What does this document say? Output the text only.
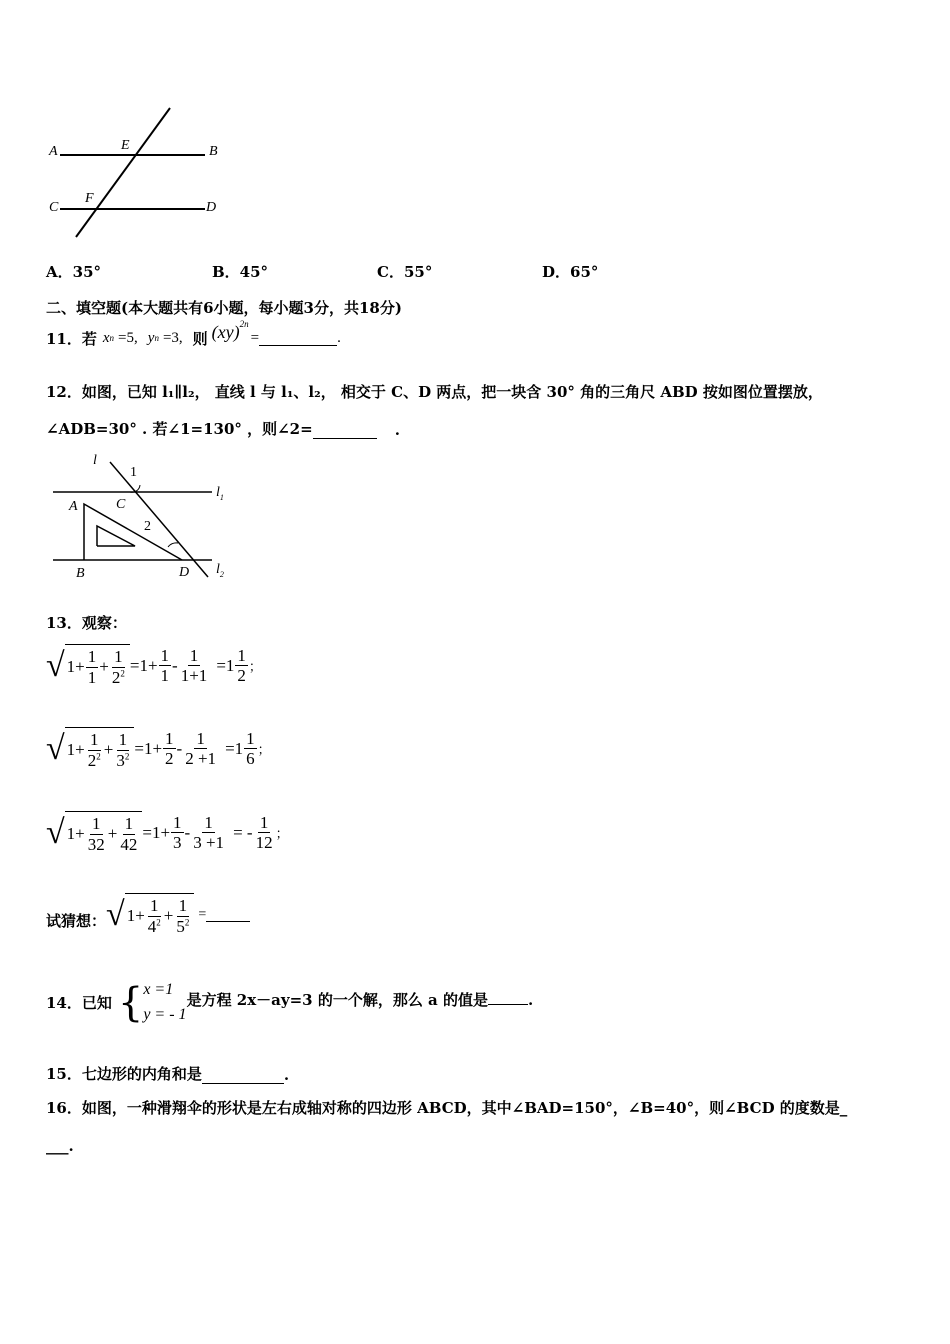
A	E	B
C
F
D
A．35°	B．45°	C．55°	D．65°
二、填空题(本大题共有6小题，每小题3分，共18分)
11．若 x n =5, y n =3, 则 (xy) 2n
=	.
12．如图，已知 l₁∥l₂， 直线 l 与 l₁、l₂， 相交于 C、D 两点，把一块含 30° 角的三角尺 ABD 按如图位置摆放，
∠ADB=30° . 若∠1=130° ，则∠2=	.
l
1
$l_1$
A	C
2
$l_2$
B	D
13．观察：
√ $1+ \frac{1}{1} + \frac{1}{2^2} =1+ \frac{1}{1} - \frac{1}{1+1} =1 \frac{1}{2}$ ；
√ $1+ \frac{1}{2^2} + \frac{1}{3^2} =1+ \frac{1}{2} - \frac{1}{2 +1} =1 \frac{1}{6}$ ；
√ $1+ \frac{1}{32} + \frac{1}{42} =1+ \frac{1}{3} - \frac{1}{3 +1}$ = - $\frac{1}{12}$ ；
试猜想： √ $1+ \frac{1}{4^2} + \frac{1}{5^2}$ =
14．已知 { x =1
y = - 1
是方程 2x－ay=3 的一个解，那么 a 的值是	.
15．七边形的内角和是	.
16．如图，一种滑翔伞的形状是左右成轴对称的四边形 ABCD，其中∠BAD=150°，∠B=40°，则∠BCD 的度数是_
___.
